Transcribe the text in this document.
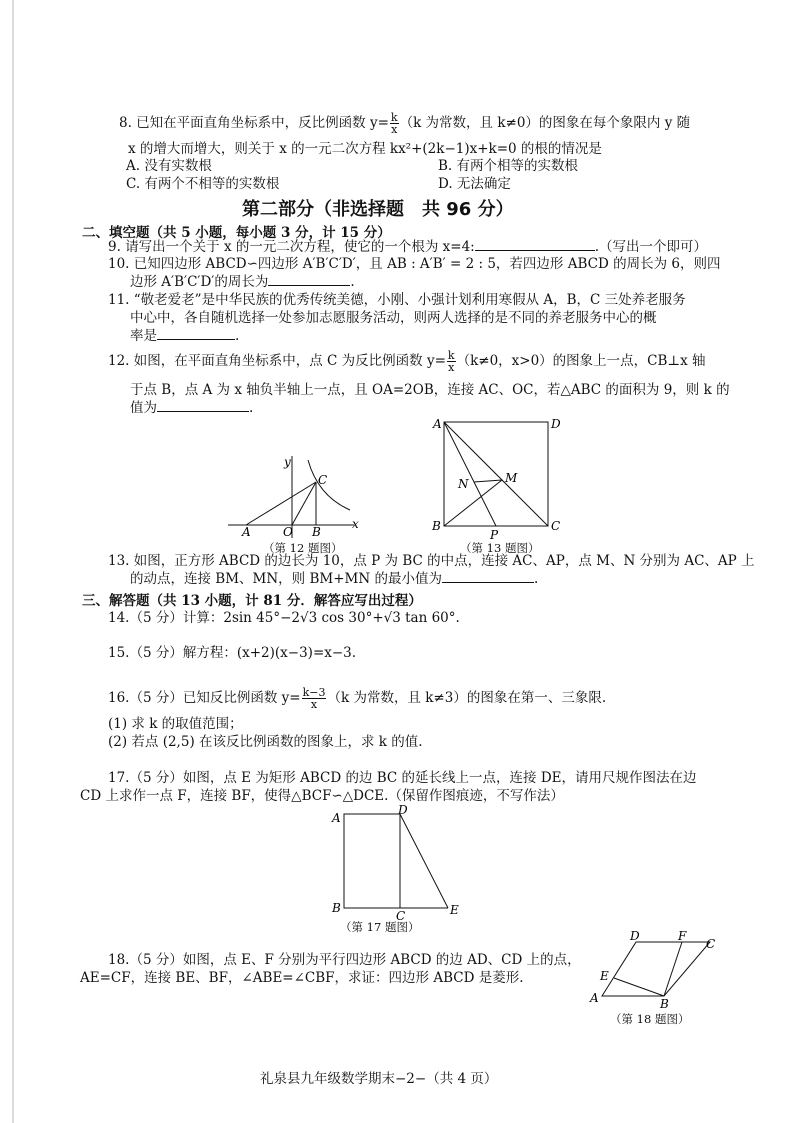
8. 已知在平面直角坐标系中，反比例函数 $y= \frac{k}{x} (k$ 为常数，且 k≠0）的图象在每个象限内 y 随
x 的增大而增大，则关于 x 的一元二次方程 kx²+(2k−1)x+k=0 的根的情况是
A. 没有实数根	B. 有两个相等的实数根
C. 有两个不相等的实数根	D. 无法确定
第二部分（非选择题　共 96 分）
二、填空题（共 5 小题，每小题 3 分，计 15 分）
9. 请写出一个关于 x 的一元二次方程，使它的一个根为 x=4:	.（写出一个即可）
10. 已知四边形 ABCD∽四边形 A′B′C′D′，且 AB : A′B′ = 2 : 5，若四边形 ABCD 的周长为 6，则四
边形 A′B′C′D′的周长为	.
11. “敬老爱老”是中华民族的优秀传统美德，小刚、小强计划利用寒假从 A，B，C 三处养老服务
中心中，各自随机选择一处参加志愿服务活动，则两人选择的是不同的养老服务中心的概
率是	.
12. 如图，在平面直角坐标系中，点 C 为反比例函数 $y= \frac{k}{x} (k\ne 0$，x>0）的图象上一点，CB⊥x 轴
于点 B，点 A 为 x 轴负半轴上一点，且 OA=2OB，连接 AC、OC，若△ABC 的面积为 9，则 k 的
值为	.
y
C
A	O B
x
（第 12 题图）
A	D
N	M
B
P
C
（第 13 题图）
13. 如图，正方形 ABCD 的边长为 10，点 P 为 BC 的中点，连接 AC、AP，点 M、N 分别为 AC、AP 上
的动点，连接 BM、MN，则 BM+MN 的最小值为	.
三、解答题（共 13 小题，计 81 分．解答应写出过程）
14.（5 分）计算：2sin 45°−2√3 cos 30°+√3 tan 60°.
15.（5 分）解方程：(x+2)(x−3)=x−3.
16.（5 分）已知反比例函数 $y= \frac{k-3}{x} (k$ 为常数，且 k≠3）的图象在第一、三象限.
(1) 求 k 的取值范围；
(2) 若点 (2,5) 在该反比例函数的图象上，求 k 的值.
17.（5 分）如图，点 E 为矩形 ABCD 的边 BC 的延长线上一点，连接 DE，请用尺规作图法在边
CD 上求作一点 F，连接 BF，使得△BCF∽△DCE.（保留作图痕迹，不写作法）
A
D
B
C	E
（第 17 题图）
18.（5 分）如图，点 E、F 分别为平行四边形 ABCD 的边 AD、CD 上的点，
AE=CF，连接 BE、BF，∠ABE=∠CBF，求证：四边形 ABCD 是菱形.
D	F
C
E
A	B
（第 18 题图）
礼泉县九年级数学期末−2−（共 4 页）
